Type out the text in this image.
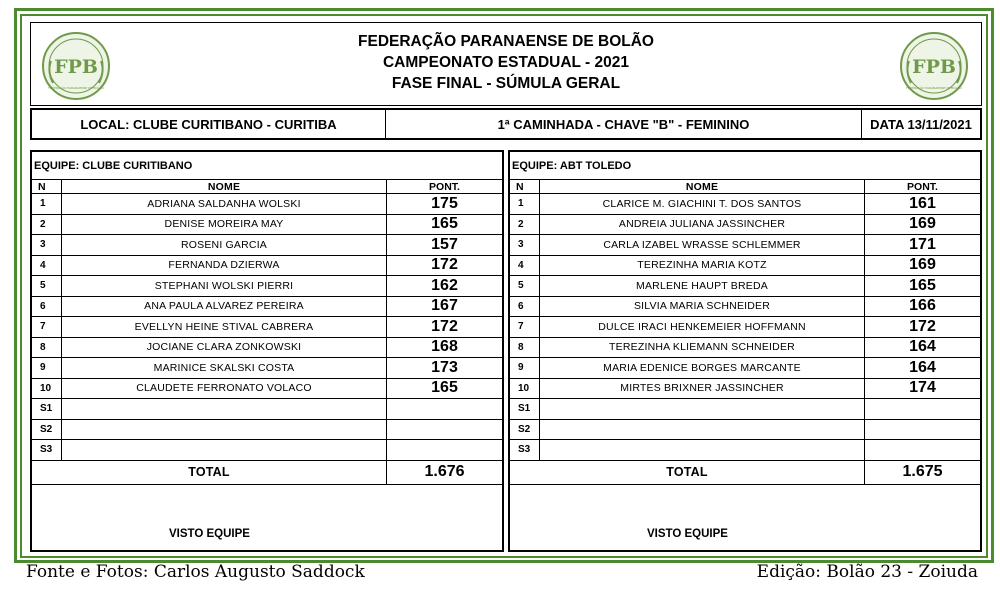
FPB
FEDERAÇÃO PARANAENSE DE BOLÃO
FEDERAÇÃO PARANAENSE DE BOLÃO
CAMPEONATO ESTADUAL - 2021
FASE FINAL - SÚMULA GERAL
FPB
FEDERAÇÃO PARANAENSE DE BOLÃO
LOCAL: CLUBE CURITIBANO - CURITIBA	1ª CAMINHADA - CHAVE "B" - FEMININO	DATA 13/11/2021
EQUIPE: CLUBE CURITIBANO
N	NOME	PONT.
1	ADRIANA SALDANHA WOLSKI	175
2	DENISE MOREIRA MAY	165
3	ROSENI GARCIA	157
4	FERNANDA DZIERWA	172
5	STEPHANI WOLSKI PIERRI	162
6	ANA PAULA ALVAREZ PEREIRA	167
7	EVELLYN HEINE STIVAL CABRERA	172
8	JOCIANE CLARA ZONKOWSKI	168
9	MARINICE SKALSKI COSTA	173
10	CLAUDETE FERRONATO VOLACO	165
S1
S2
S3
TOTAL	1.676
VISTO EQUIPE
EQUIPE: ABT TOLEDO
N	NOME	PONT.
1	CLARICE M. GIACHINI T. DOS SANTOS	161
2	ANDREIA JULIANA JASSINCHER	169
3	CARLA IZABEL WRASSE SCHLEMMER	171
4	TEREZINHA MARIA KOTZ	169
5	MARLENE HAUPT BREDA	165
6	SILVIA MARIA SCHNEIDER	166
7	DULCE IRACI HENKEMEIER HOFFMANN	172
8	TEREZINHA KLIEMANN SCHNEIDER	164
9	MARIA EDENICE BORGES MARCANTE	164
10	MIRTES BRIXNER JASSINCHER	174
S1
S2
S3
TOTAL	1.675
VISTO EQUIPE
Fonte e Fotos: Carlos Augusto Saddock	Edição: Bolão 23 - Zoiuda
